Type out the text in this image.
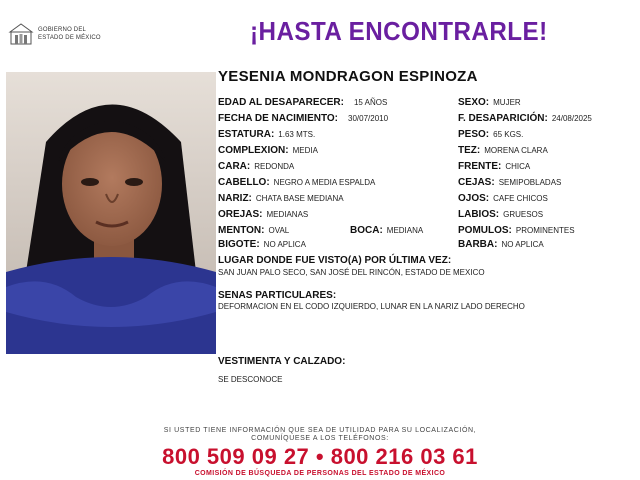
GOBIERNO DEL
ESTADO DE MÉXICO	¡HASTA ENCONTRARLE!
YESENIA MONDRAGON ESPINOZA
EDAD AL DESAPARECER: 15 AÑOS
FECHA DE NACIMIENTO: 30/07/2010
ESTATURA: 1.63 MTS.
COMPLEXION: MEDIA
CARA: REDONDA
CABELLO: NEGRO A MEDIA ESPALDA
NARIZ: CHATA BASE MEDIANA
OREJAS: MEDIANAS
MENTON: OVAL	BOCA: MEDIANA
BIGOTE: NO APLICA
SEXO: MUJER
F. DESAPARICIÓN: 24/08/2025
PESO: 65 KGS.
TEZ: MORENA CLARA
FRENTE: CHICA
CEJAS: SEMIPOBLADAS
OJOS: CAFE CHICOS
LABIOS: GRUESOS
POMULOS: PROMINENTES
BARBA: NO APLICA
LUGAR DONDE FUE VISTO(A) POR ÚLTIMA VEZ:
SAN JUAN PALO SECO, SAN JOSÉ DEL RINCÓN, ESTADO DE MEXICO
SENAS PARTICULARES:
DEFORMACION EN EL CODO IZQUIERDO, LUNAR EN LA NARIZ LADO DERECHO
VESTIMENTA Y CALZADO:
SE DESCONOCE
SI USTED TIENE INFORMACIÓN QUE SEA DE UTILIDAD PARA SU LOCALIZACIÓN,
COMUNÍQUESE A LOS TELÉFONOS:
800 509 09 27 • 800 216 03 61
COMISIÓN DE BÚSQUEDA DE PERSONAS DEL ESTADO DE MÉXICO
